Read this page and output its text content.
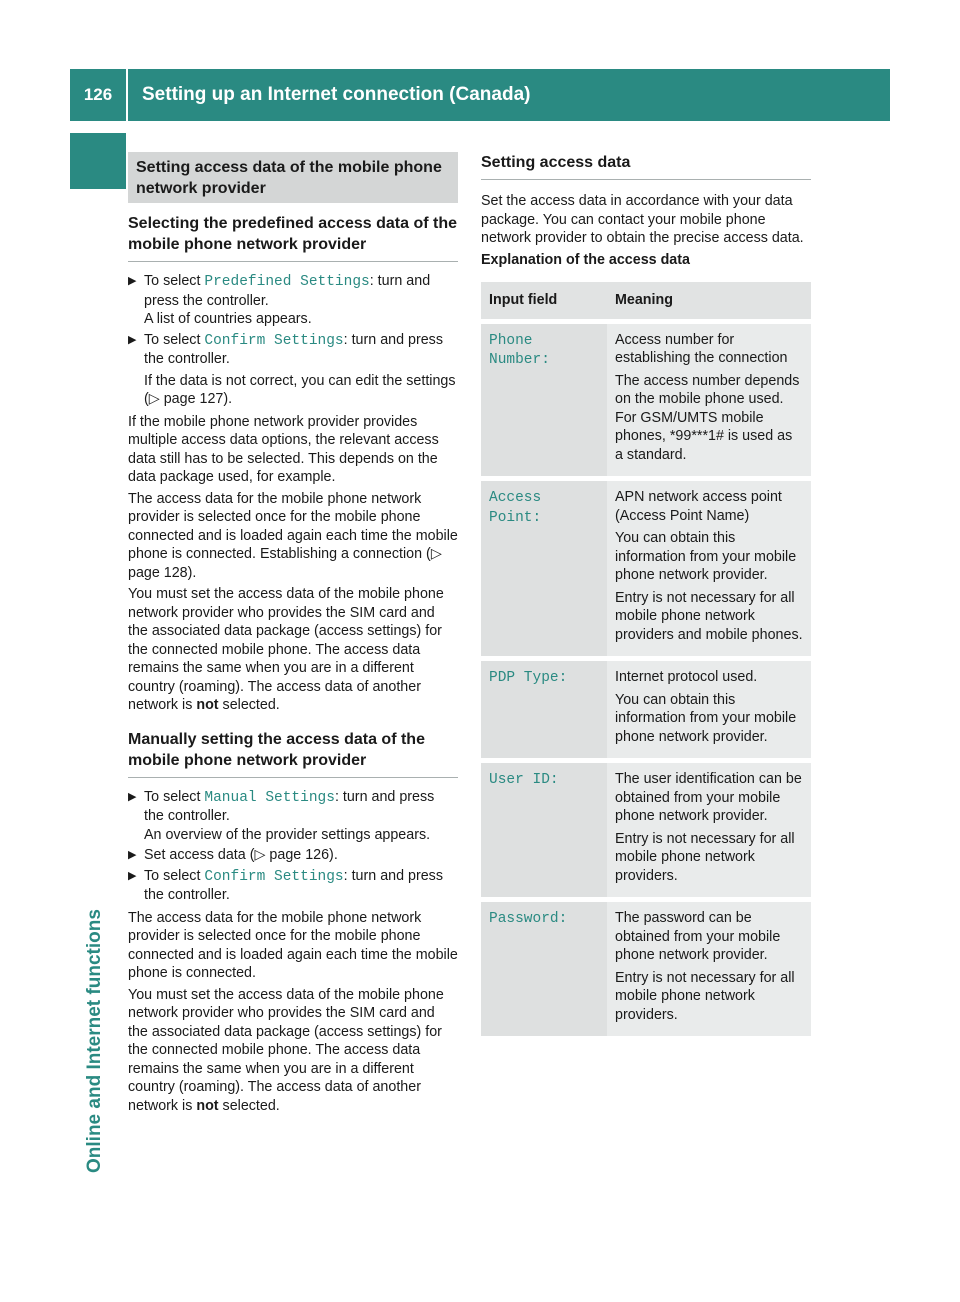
126	Setting up an Internet connection (Canada)
Online and Internet functions
Setting access data of the mobile phone network provider
Selecting the predefined access data of the mobile phone network provider
▶ To select Predefined Settings: turn and press the controller.
A list of countries appears.
▶ To select Confirm Settings: turn and press the controller.
If the data is not correct, you can edit the settings (▷ page 127).

If the mobile phone network provider provides multiple access data options, the relevant access data still has to be selected. This depends on the data package used, for example.

The access data for the mobile phone network provider is selected once for the mobile phone connected and is loaded again each time the mobile phone is connected. Establishing a connection (▷ page 128).

You must set the access data of the mobile phone network provider who provides the SIM card and the associated data package (access settings) for the connected mobile phone. The access data remains the same when you are in a different country (roaming). The access data of another network is not selected.

Manually setting the access data of the mobile phone network provider
▶ To select Manual Settings: turn and press the controller.
An overview of the provider settings appears.
▶ Set access data (▷ page 126).
▶ To select Confirm Settings: turn and press the controller.

The access data for the mobile phone network provider is selected once for the mobile phone connected and is loaded again each time the mobile phone is connected.

You must set the access data of the mobile phone network provider who provides the SIM card and the associated data package (access settings) for the connected mobile phone. The access data remains the same when you are in a different country (roaming). The access data of another network is not selected.

Setting access data

Set the access data in accordance with your data package. You can contact your mobile phone network provider to obtain the precise access data.

Explanation of the access data

Input field	Meaning
Phone Number:	Access number for establishing the connection

The access number depends on the mobile phone used. For GSM/UMTS mobile phones, *99***1# is used as a standard.

Access Point:	APN network access point (Access Point Name)

You can obtain this information from your mobile phone network provider.

Entry is not necessary for all mobile phone network providers and mobile phones.

PDP Type:	Internet protocol used.

You can obtain this information from your mobile phone network provider.

User ID:	The user identification can be obtained from your mobile phone network provider.

Entry is not necessary for all mobile phone network providers.

Password:	The password can be obtained from your mobile phone network provider.

Entry is not necessary for all mobile phone network providers.
